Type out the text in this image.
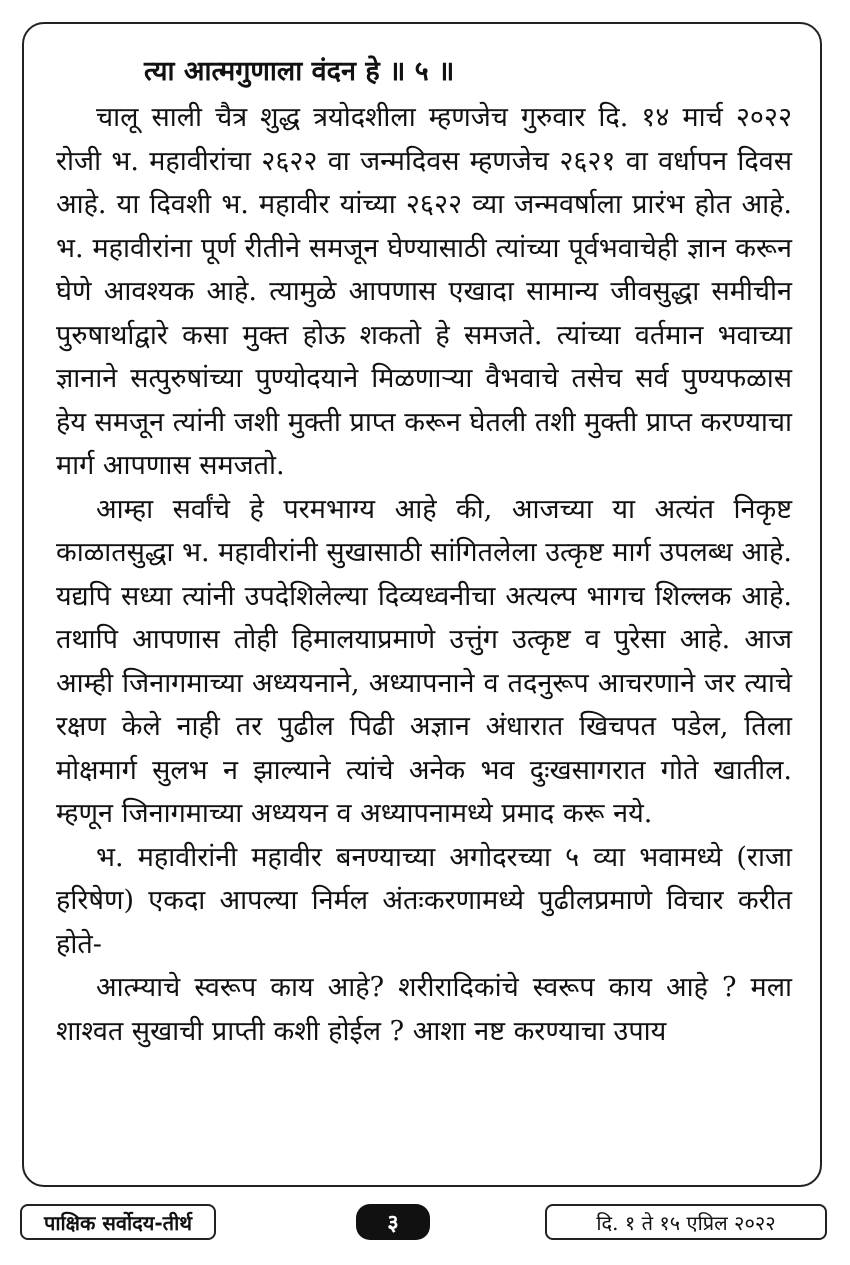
त्या आत्मगुणाला वंदन हे ॥ ५ ॥

चालू साली चैत्र शुद्ध त्रयोदशीला म्हणजेच गुरुवार दि. १४ मार्च २०२२ रोजी भ. महावीरांचा २६२२ वा जन्मदिवस म्हणजेच २६२१ वा वर्धापन दिवस आहे. या दिवशी भ. महावीर यांच्या २६२२ व्या जन्मवर्षाला प्रारंभ होत आहे. भ. महावीरांना पूर्ण रीतीने समजून घेण्यासाठी त्यांच्या पूर्वभवाचेही ज्ञान करून घेणे आवश्यक आहे. त्यामुळे आपणास एखादा सामान्य जीवसुद्धा समीचीन पुरुषार्थाद्वारे कसा मुक्त होऊ शकतो हे समजते. त्यांच्या वर्तमान भवाच्या ज्ञानाने सत्पुरुषांच्या पुण्योदयाने मिळणाऱ्या वैभवाचे तसेच सर्व पुण्यफळास हेय समजून त्यांनी जशी मुक्ती प्राप्त करून घेतली तशी मुक्ती प्राप्त करण्याचा मार्ग आपणास समजतो.

आम्हा सर्वांचे हे परमभाग्य आहे की, आजच्या या अत्यंत निकृष्ट काळातसुद्धा भ. महावीरांनी सुखासाठी सांगितलेला उत्कृष्ट मार्ग उपलब्ध आहे. यद्यपि सध्या त्यांनी उपदेशिलेल्या दिव्यध्वनीचा अत्यल्प भागच शिल्लक आहे. तथापि आपणास तोही हिमालयाप्रमाणे उत्तुंग उत्कृष्ट व पुरेसा आहे. आज आम्ही जिनागमाच्या अध्ययनाने, अध्यापनाने व तदनुरूप आचरणाने जर त्याचे रक्षण केले नाही तर पुढील पिढी अज्ञान अंधारात खिचपत पडेल, तिला मोक्षमार्ग सुलभ न झाल्याने त्यांचे अनेक भव दुःखसागरात गोते खातील. म्हणून जिनागमाच्या अध्ययन व अध्यापनामध्ये प्रमाद करू नये.

भ. महावीरांनी महावीर बनण्याच्या अगोदरच्या ५ व्या भवामध्ये (राजा हरिषेण) एकदा आपल्या निर्मल अंतःकरणामध्ये पुढीलप्रमाणे विचार करीत होते-

आत्म्याचे स्वरूप काय आहे? शरीरादिकांचे स्वरूप काय आहे ? मला शाश्वत सुखाची प्राप्ती कशी होईल ? आशा नष्ट करण्याचा उपाय

पाक्षिक सर्वोदय-तीर्थ	३	दि. १ ते १५ एप्रिल २०२२
